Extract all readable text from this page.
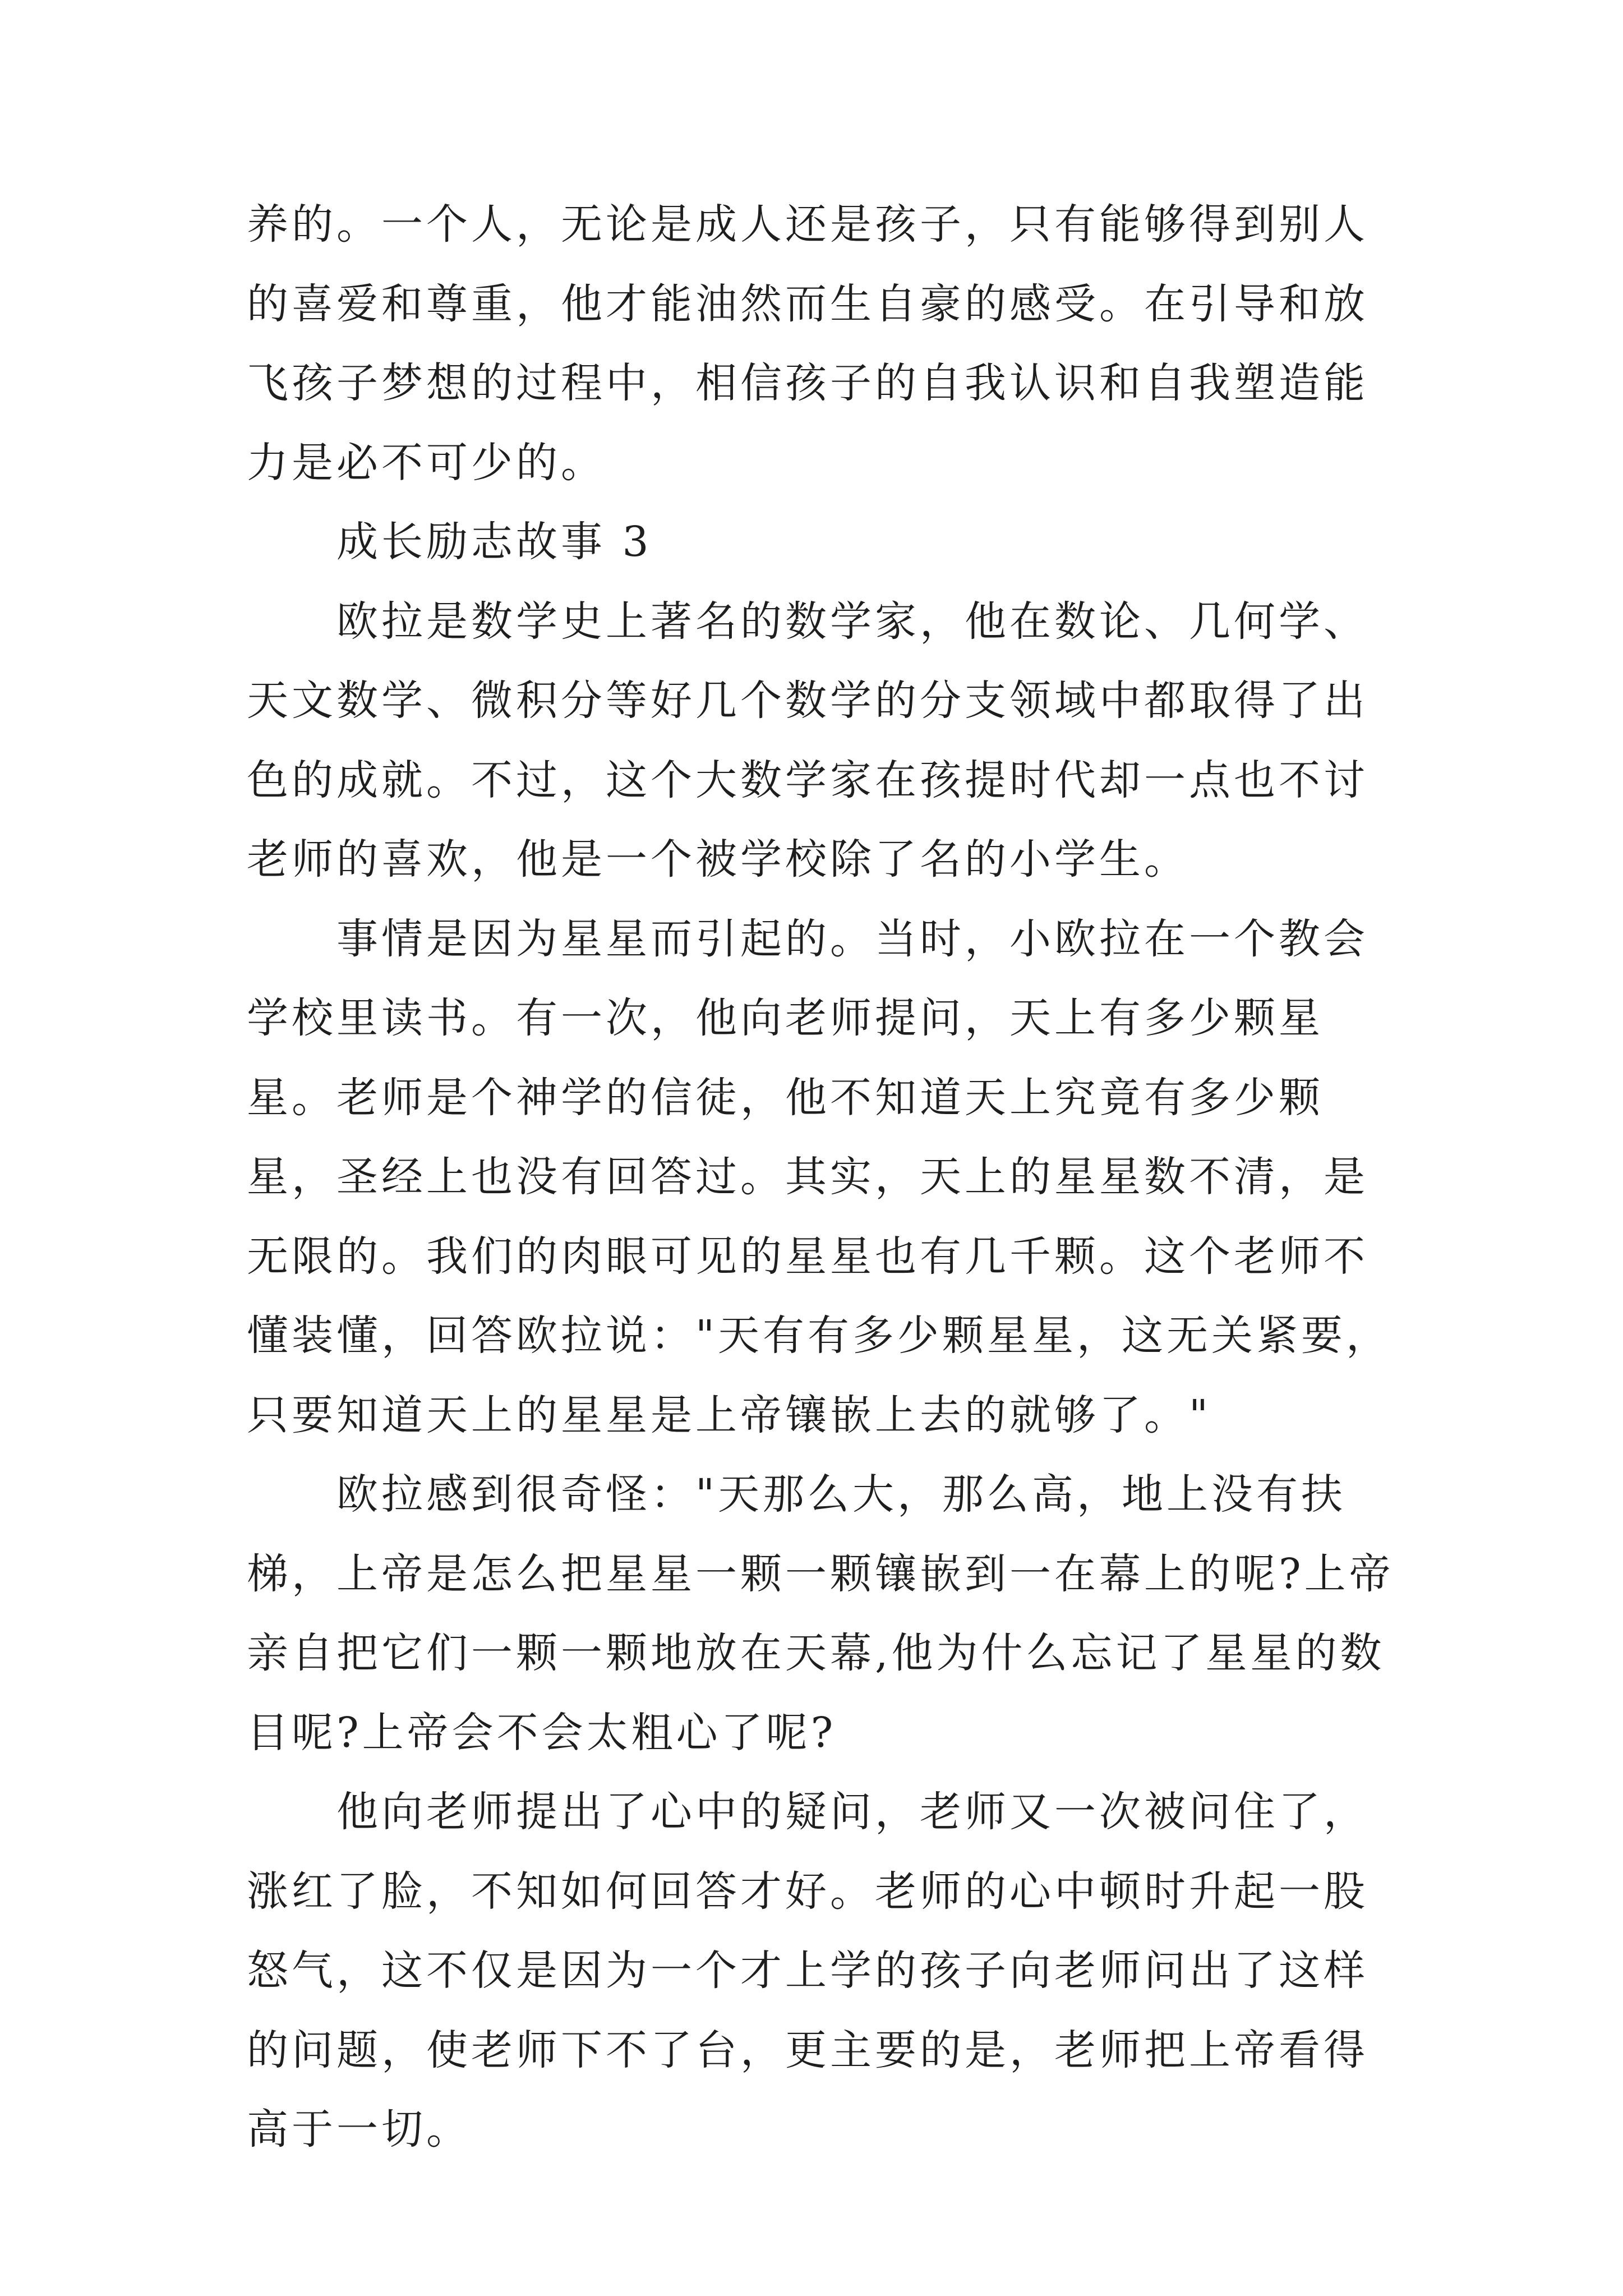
养的。一个人，无论是成人还是孩子，只有能够得到别人的喜爱和尊重，他才能油然而生自豪的感受。在引导和放飞孩子梦想的过程中，相信孩子的自我认识和自我塑造能力是必不可少的。

成长励志故事 3

欧拉是数学史上著名的数学家，他在数论、几何学、天文数学、微积分等好几个数学的分支领域中都取得了出色的成就。不过，这个大数学家在孩提时代却一点也不讨老师的喜欢，他是一个被学校除了名的小学生。

事情是因为星星而引起的。当时，小欧拉在一个教会学校里读书。有一次，他向老师提问，天上有多少颗星星。老师是个神学的信徒，他不知道天上究竟有多少颗星，圣经上也没有回答过。其实，天上的星星数不清，是无限的。我们的肉眼可见的星星也有几千颗。这个老师不懂装懂，回答欧拉说："天有有多少颗星星，这无关紧要，只要知道天上的星星是上帝镶嵌上去的就够了。"

欧拉感到很奇怪："天那么大，那么高，地上没有扶梯，上帝是怎么把星星一颗一颗镶嵌到一在幕上的呢?上帝亲自把它们一颗一颗地放在天幕,他为什么忘记了星星的数目呢?上帝会不会太粗心了呢?

他向老师提出了心中的疑问，老师又一次被问住了，涨红了脸，不知如何回答才好。老师的心中顿时升起一股怒气，这不仅是因为一个才上学的孩子向老师问出了这样的问题，使老师下不了台，更主要的是，老师把上帝看得高于一切。
